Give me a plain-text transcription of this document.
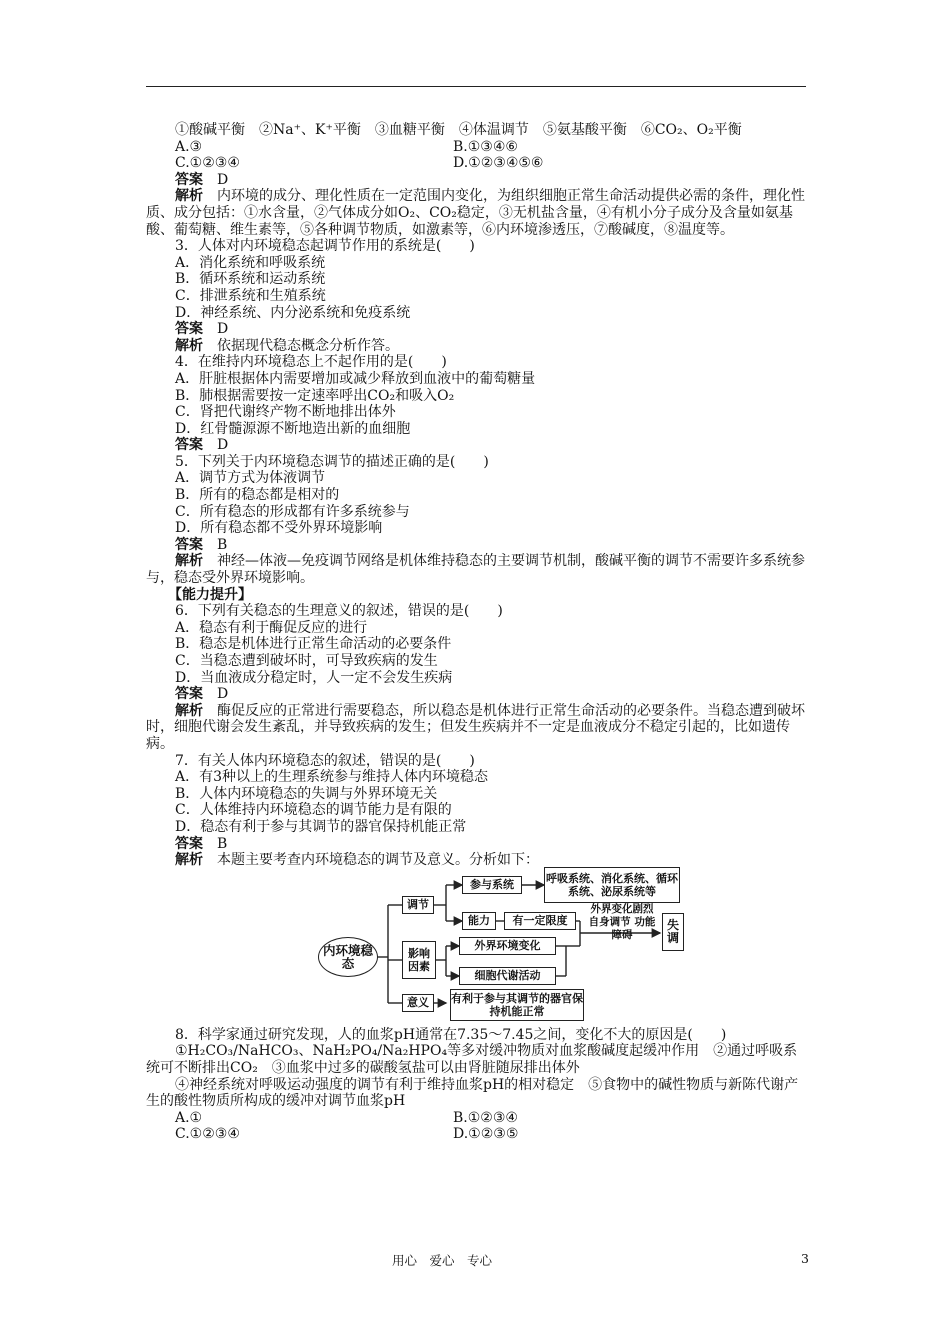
①酸碱平衡　②Na⁺、K⁺平衡　③血糖平衡　④体温调节　⑤氨基酸平衡　⑥CO₂、O₂平衡

A.③	B.①③④⑥
C.①②③④	D.①②③④⑤⑥

答案　 D

解析　 内环境的成分、理化性质在一定范围内变化，为组织细胞正常生命活动提供必需的条件，理化性质、成分包括：①水含量，②气体成分如O₂、CO₂稳定，③无机盐含量，④有机小分子成分及含量如氨基酸、葡萄糖、维生素等，⑤各种调节物质，如激素等，⑥内环境渗透压，⑦酸碱度，⑧温度等。

3．人体对内环境稳态起调节作用的系统是(　　)

A．消化系统和呼吸系统

B．循环系统和运动系统

C．排泄系统和生殖系统

D．神经系统、内分泌系统和免疫系统

答案　 D

解析　 依据现代稳态概念分析作答。

4．在维持内环境稳态上不起作用的是(　　)

A．肝脏根据体内需要增加或减少释放到血液中的葡萄糖量

B．肺根据需要按一定速率呼出CO₂和吸入O₂

C．肾把代谢终产物不断地排出体外

D．红骨髓源源不断地造出新的血细胞

答案　 D

5．下列关于内环境稳态调节的描述正确的是(　　)

A．调节方式为体液调节

B．所有的稳态都是相对的

C．所有稳态的形成都有许多系统参与

D．所有稳态都不受外界环境影响

答案　 B

解析　 神经—体液—免疫调节网络是机体维持稳态的主要调节机制，酸碱平衡的调节不需要许多系统参与，稳态受外界环境影响。

【能力提升】

6．下列有关稳态的生理意义的叙述，错误的是(　　)

A．稳态有利于酶促反应的进行

B．稳态是机体进行正常生命活动的必要条件

C．当稳态遭到破坏时，可导致疾病的发生

D．当血液成分稳定时，人一定不会发生疾病

答案　 D

解析　 酶促反应的正常进行需要稳态，所以稳态是机体进行正常生命活动的必要条件。当稳态遭到破坏时，细胞代谢会发生紊乱，并导致疾病的发生；但发生疾病并不一定是血液成分不稳定引起的，比如遗传病。

7．有关人体内环境稳态的叙述，错误的是(　　)

A．有3种以上的生理系统参与维持人体内环境稳态

B．人体内环境稳态的失调与外界环境无关

C．人体维持内环境稳态的调节能力是有限的

D．稳态有利于参与其调节的器官保持机能正常

答案　 B

解析　 本题主要考查内环境稳态的调节及意义。分析如下：

内环境稳态
调节
参与系统	呼吸系统、消化系统、循环系统、泌尿系统等
能力	有一定限度
影响因素
外界环境变化
细胞代谢活动
外界变化剧烈 自身调节 功能障碍
失调
意义	有利于参与其调节的器官保持机能正常

8．科学家通过研究发现，人的血浆pH通常在7.35～7.45之间，变化不大的原因是(　　)

①H₂CO₃/NaHCO₃、NaH₂PO₄/Na₂HPO₄等多对缓冲物质对血浆酸碱度起缓冲作用　②通过呼吸系统可不断排出CO₂　③血浆中过多的碳酸氢盐可以由肾脏随尿排出体外

④神经系统对呼吸运动强度的调节有利于维持血浆pH的相对稳定　⑤食物中的碱性物质与新陈代谢产生的酸性物质所构成的缓冲对调节血浆pH

A.①	B.①②③④
C.①②③④	D.①②③⑤
用心　爱心　专心	3
